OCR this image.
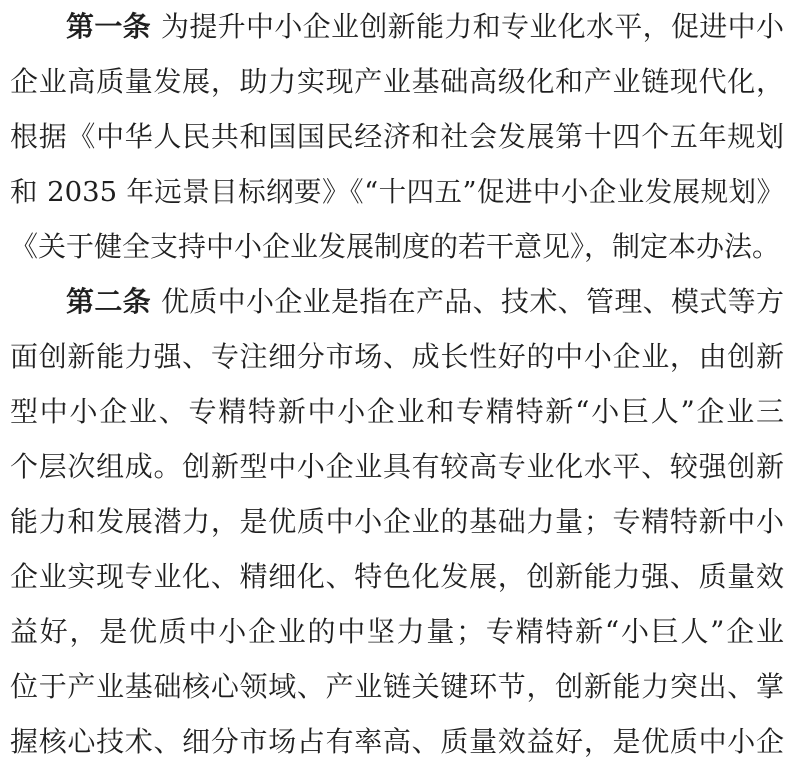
第一条 为提升中小企业创新能力和专业化水平，促进中小
企业高质量发展，助力实现产业基础高级化和产业链现代化，
根据《中华人民共和国国民经济和社会发展第十四个五年规划
和 2035 年远景目标纲要》《“十四五”促进中小企业发展规划》
《关于健全支持中小企业发展制度的若干意见》，制定本办法。
第二条 优质中小企业是指在产品、技术、管理、模式等方
面创新能力强、专注细分市场、成长性好的中小企业，由创新
型中小企业、专精特新中小企业和专精特新“小巨人”企业三
个层次组成。创新型中小企业具有较高专业化水平、较强创新
能力和发展潜力，是优质中小企业的基础力量；专精特新中小
企业实现专业化、精细化、特色化发展，创新能力强、质量效
益好，是优质中小企业的中坚力量；专精特新“小巨人”企业
位于产业基础核心领域、产业链关键环节，创新能力突出、掌
握核心技术、细分市场占有率高、质量效益好，是优质中小企
